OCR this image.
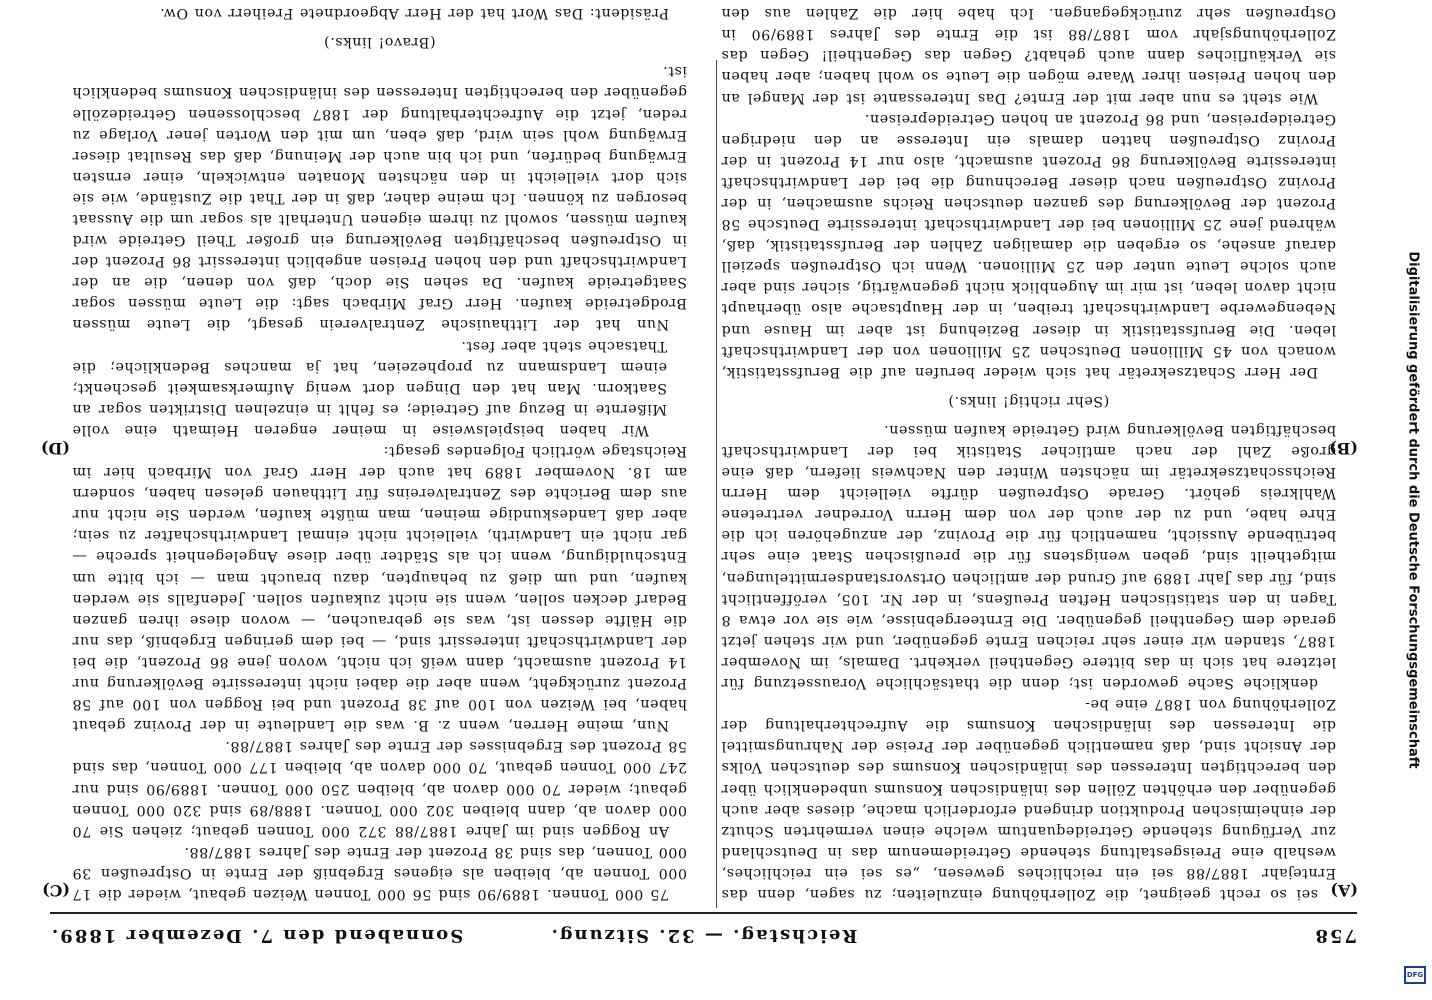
758
Reichstag. — 32. Sitzung.
Sonnabend den 7. Dezember 1889.
(A)
(B)
(C)
(D)

sei so recht geeignet, die Zollerhöhung einzuleiten; zu sagen, denn das Erntejahr 1887/88 sei ein reichliches gewesen, „es sei ein reichliches, weshalb eine Preisgestaltung stehende Getreidemenum das in Deutschland zur Verfügung stehende Getreidequantum welche einen vermehrten Schutz der einheimischen Produktion dringend erforderlich mache, dieses aber auch gegenüber den erhöhten Zöllen des inländischen Konsums unbedenklich über den berechtigten Interessen des inländischen Konsums des deutschen Volks der Ansicht sind, daß namentlich gegenüber der Preise der Nahrungsmittel die Interessen des inländischen Konsums die Aufrechterhaltung der Zollerhöhung von 1887 eine be-

denkliche Sache geworden ist; denn die thatsächliche Voraussetzung für letztere hat sich in das bittere Gegentheil verkehrt. Damals, im November 1887, standen wir einer sehr reichen Ernte gegenüber, und wir stehen jetzt gerade dem Gegentheil gegenüber. Die Ernteergebnisse, wie sie vor etwa 8 Tagen in den statistischen Heften Preußens, in der Nr. 105, veröffentlicht sind, für das Jahr 1889 auf Grund der amtlichen Ortsvorstandsermittelungen, mitgetheilt sind, geben wenigstens für die preußischen Staat eine sehr betrübende Aussicht, namentlich für die Provinz, der anzugehören ich die Ehre habe, und zu der auch der von dem Herrn Vorredner vertretene Wahlkreis gehört. Gerade Ostpreußen dürfte vielleicht dem Herrn Reichsschatzsekretär im nächsten Winter den Nachweis liefern, daß eine große Zahl der nach amtlicher Statistik bei der Landwirthschaft beschäftigten Bevölkerung wird Getreide kaufen müssen.

(Sehr richtig! links.)

Der Herr Schatzsekretär hat sich wieder berufen auf die Berufsstatistik, wonach von 45 Millionen Deutschen 25 Millionen von der Landwirthschaft leben. Die Berufsstatistik in dieser Beziehung ist aber im Hause und Nebengewerbe Landwirthschaft treiben, in der Hauptsache also überhaupt nicht davon leben, ist mir im Augenblick nicht gegenwärtig, sicher sind aber auch solche Leute unter den 25 Millionen. Wenn ich Ostpreußen speziell darauf ansehe, so ergeben die damaligen Zahlen der Berufsstatistik, daß, während jene 25 Millionen bei der Landwirthschaft interessirte Deutsche 58 Prozent der Bevölkerung des ganzen deutschen Reichs ausmachen, in der Provinz Ostpreußen nach dieser Berechnung die bei der Landwirthschaft interessirte Bevölkerung 86 Prozent ausmacht, also nur 14 Prozent in der Provinz Ostpreußen hatten damals ein Interesse an den niedrigen Getreidepreisen, und 86 Prozent an hohen Getreidepreisen.

Wie steht es nun aber mit der Ernte? Das Interessante ist der Mangel an den hohen Preisen ihrer Waare mögen die Leute so wohl haben; aber haben sie Verkäufliches dann auch gehabt? Gegen das Gegentheil! Gegen das Zollerhöhungsjahr vom 1887/88 ist die Ernte des Jahres 1889/90 in Ostpreußen sehr zurückgegangen. Ich habe hier die Zahlen aus den

75 000 Tonnen. 1889/90 sind 56 000 Tonnen Weizen gebaut, wieder die 17 000 Tonnen ab, bleiben als eigenes Ergebniß der Ernte in Ostpreußen 39 000 Tonnen, das sind 38 Prozent der Ernte des Jahres 1887/88.

An Roggen sind im Jahre 1887/88 372 000 Tonnen gebaut; ziehen Sie 70 000 davon ab, dann bleiben 302 000 Tonnen. 1888/89 sind 320 000 Tonnen gebaut; wieder 70 000 davon ab, bleiben 250 000 Tonnen. 1889/90 sind nur 247 000 Tonnen gebaut, 70 000 davon ab, bleiben 177 000 Tonnen, das sind 58 Prozent des Ergebnisses der Ernte des Jahres 1887/88.

Nun, meine Herren, wenn z. B. was die Landleute in der Provinz gebaut haben, bei Weizen von 100 auf 38 Prozent und bei Roggen von 100 auf 58 Prozent zurückgeht, wenn aber die dabei nicht interessirte Bevölkerung nur 14 Prozent ausmacht, dann weiß ich nicht, wovon jene 86 Prozent, die bei der Landwirthschaft interessirt sind, — bei dem geringen Ergebniß, das nur die Hälfte dessen ist, was sie gebrauchen, — wovon diese ihren ganzen Bedarf decken sollen, wenn sie nicht zukaufen sollen. Jedenfalls sie werden kaufen, und um dieß zu behaupten, dazu braucht man — ich bitte um Entschuldigung, wenn ich als Städter über diese Angelegenheit spreche — gar nicht ein Landwirth, vielleicht nicht einmal Landwirthschafter zu sein; aber daß Landeskundige meinen, man müßte kaufen, werden Sie nicht nur aus dem Berichte des Zentralvereins für Litthauen gelesen haben, sondern am 18. November 1889 hat auch der Herr Graf von Mirbach hier im Reichstage wörtlich Folgendes gesagt:

Wir haben beispielsweise in meiner engeren Heimath eine volle Mißernte in Bezug auf Getreide; es fehlt in einzelnen Distrikten sogar an Saatkorn. Man hat den Dingen dort wenig Aufmerksamkeit geschenkt; einem Landsmann zu prophezeien, hat ja manches Bedenkliche; die Thatsache steht aber fest.

Nun hat der Litthauische Zentralverein gesagt, die Leute müssen Brodgetreide kaufen. Herr Graf Mirbach sagt: die Leute müssen sogar Saatgetreide kaufen. Da sehen Sie doch, daß von denen, die an der Landwirthschaft und den hohen Preisen angeblich interessirt 86 Prozent der in Ostpreußen beschäftigten Bevölkerung ein großer Theil Getreide wird kaufen müssen, sowohl zu ihrem eigenen Unterhalt als sogar um die Aussaat besorgen zu können. Ich meine daher, daß in der That die Zustände, wie sie sich dort vielleicht in den nächsten Monaten entwickeln, einer ernsten Erwägung bedürfen, und ich bin auch der Meinung, daß das Resultat dieser Erwägung wohl sein wird, daß eben, um mit den Worten jener Vorlage zu reden, jetzt die Aufrechterhaltung der 1887 beschlossenen Getreidezölle gegenüber den berechtigten Interessen des inländischen Konsums bedenklich ist.

(Bravo! links.)

Präsident: Das Wort hat der Herr Abgeordnete Freiherr von Ow.

Digitalisierung gefördert durch die Deutsche Forschungsgemeinschaft
DFG
